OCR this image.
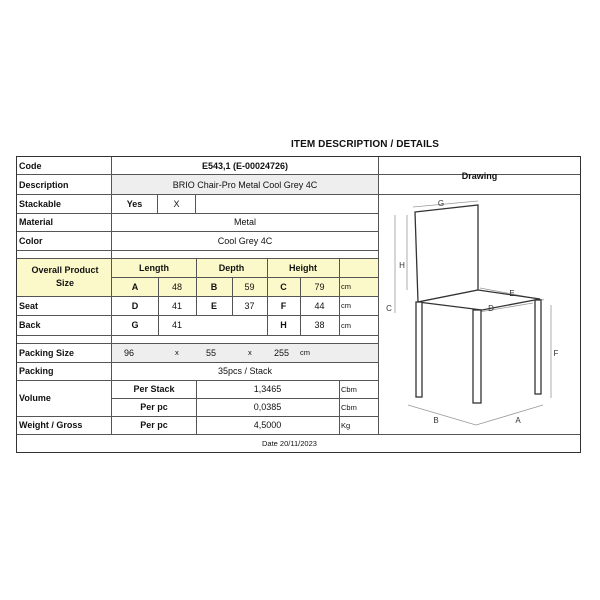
ITEM DESCRIPTION / DETAILS
Code	E543,1 (E-00024726)
Description	BRIO Chair-Pro Metal Cool Grey 4C
Stackable	Yes	X
Material	Metal
Color	Cool Grey 4C
Overall Product Size
Length	Depth	Height
A	48	B	59	C	79	cm
Seat	D	41	E	37	F	44	cm
Back	G	41	H	38	cm
Packing Size	96	x	55	x 255 cm
Packing	35pcs / Stack
Volume
Per Stack	1,3465	Cbm
Per pc	0,0385	Cbm
Weight / Gross	Per pc	4,5000	Kg
Date 20/11/2023
Drawing
G
H
C
E
D
F
B	A
